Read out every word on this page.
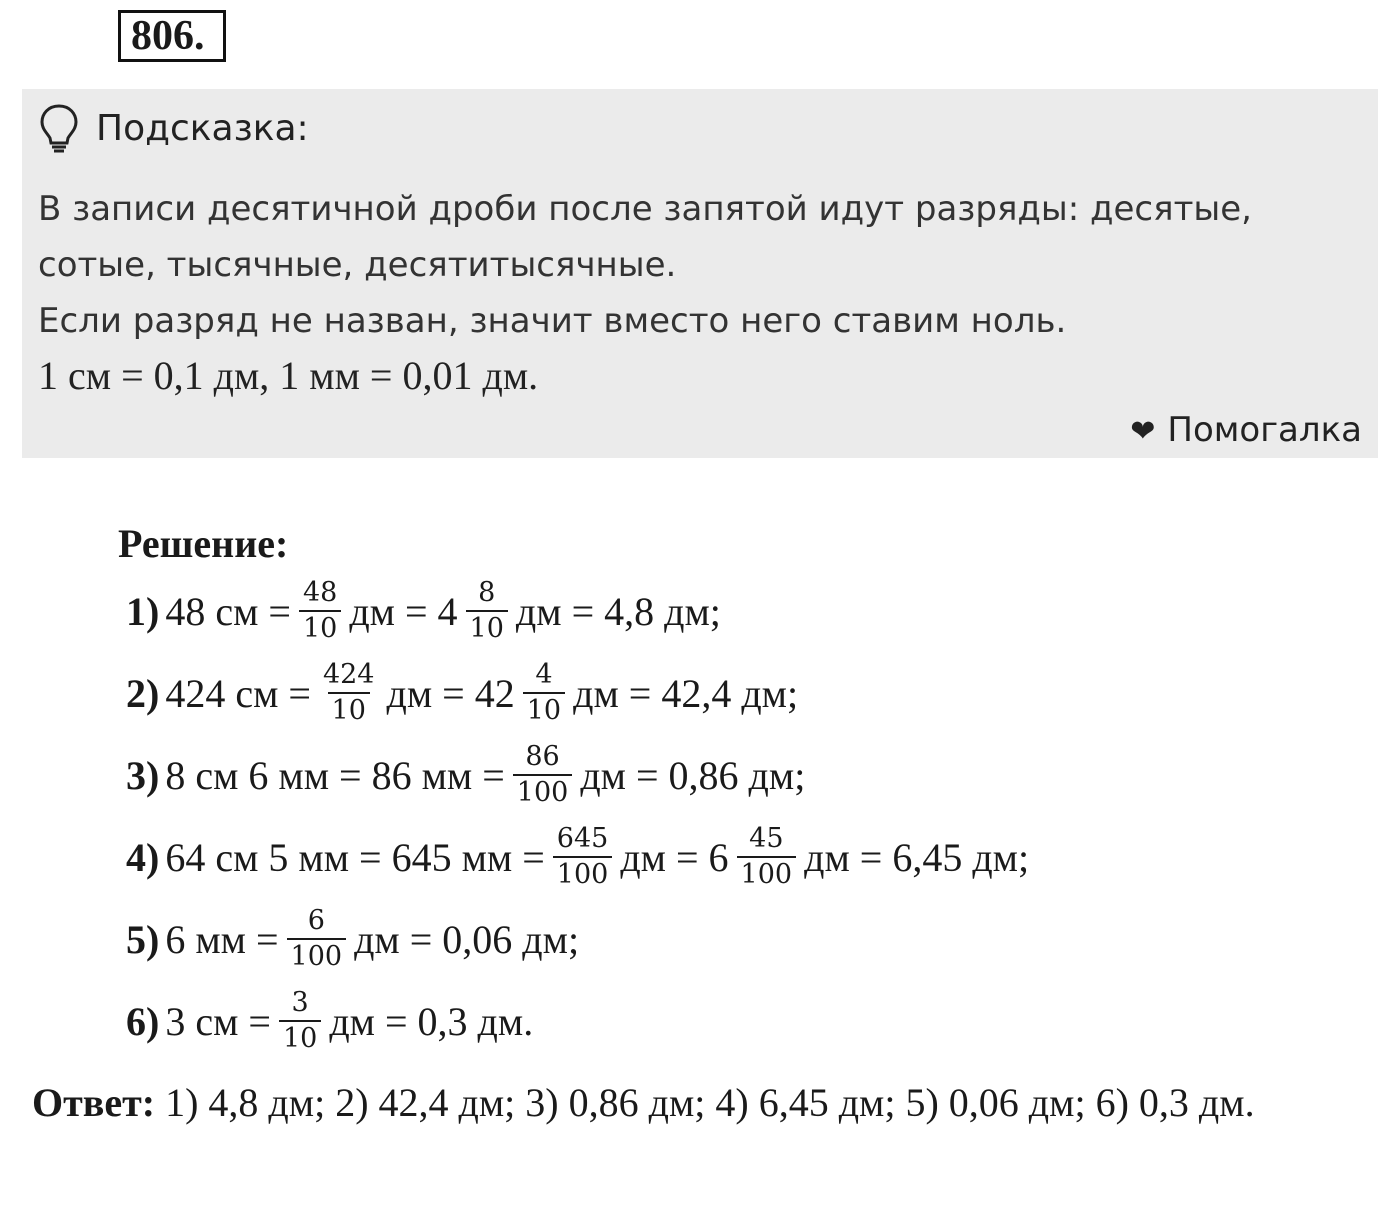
806.
Подсказка:
В записи десятичной дроби после запятой идут разряды: десятые, сотые, тысячные, десятитысячные.
Если разряд не назван, значит вместо него ставим ноль.
1 см = 0,1 дм, 1 мм = 0,01 дм.
❤ Помогалка
Решение:
1) 48 см = $\frac{48}{10}$ дм = $4 \frac{8}{10}$ дм = 4,8 дм;
2) 424 см = $\frac{424}{10}$ дм = $42 \frac{4}{10}$ дм = 42,4 дм;
3) 8 см 6 мм = 86 мм = $\frac{86}{100}$ дм = 0,86 дм;
4) 64 см 5 мм = 645 мм = $\frac{645}{100}$ дм = $6 \frac{45}{100}$ дм = 6,45 дм;
5) 6 мм = $\frac{6}{100}$ дм = 0,06 дм;
6) 3 см = $\frac{3}{10}$ дм = 0,3 дм.
Ответ: 1) 4,8 дм; 2) 42,4 дм; 3) 0,86 дм; 4) 6,45 дм; 5) 0,06 дм; 6) 0,3 дм.
